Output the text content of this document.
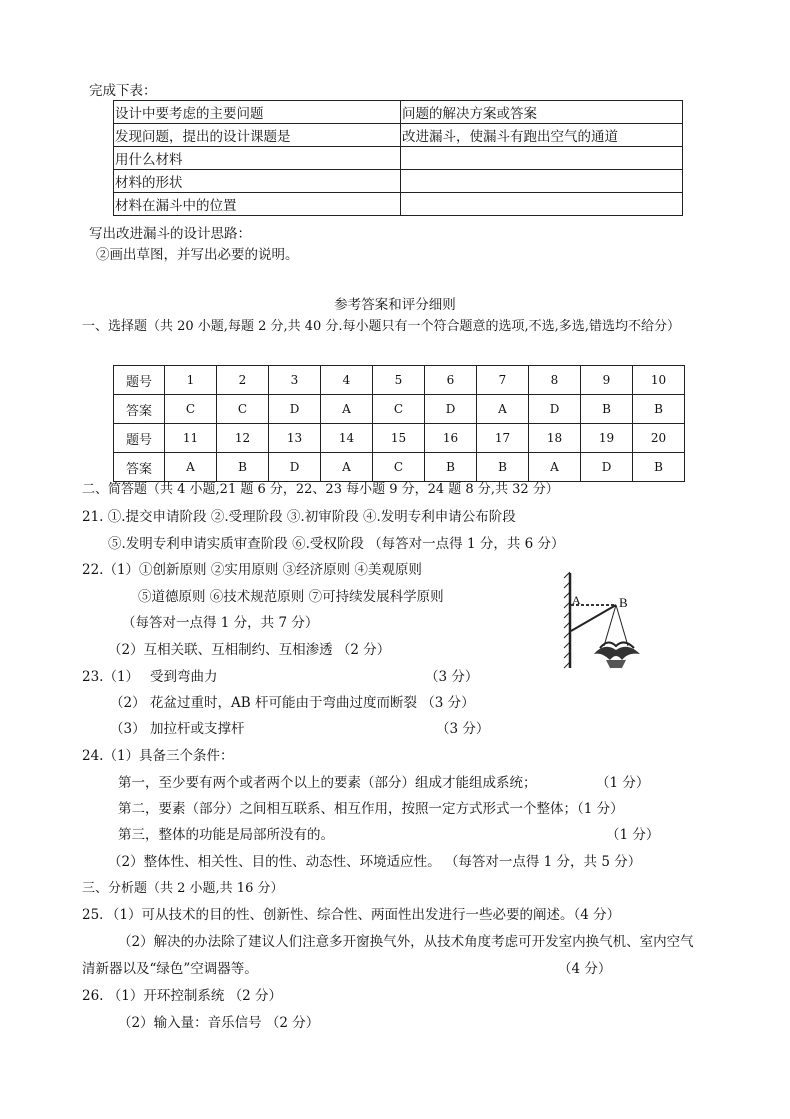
完成下表：
设计中要考虑的主要问题	问题的解决方案或答案
发现问题，提出的设计课题是	改进漏斗，使漏斗有跑出空气的通道
用什么材料	
材料的形状	
材料在漏斗中的位置	
写出改进漏斗的设计思路：
②画出草图，并写出必要的说明。
参考答案和评分细则
一、选择题（共 20 小题,每题 2 分,共 40 分.每小题只有一个符合题意的选项,不选,多选,错选均不给分）
题号	1	2	3	4	5	6	7	8	9	10
答案	C	C	D	A	C	D	A	D	B	B
题号	11	12	13	14	15	16	17	18	19	20
答案	A	B	D	A	C	B	B	A	D	B
二、简答题（共 4 小题,21 题 6 分，22、23 每小题 9 分，24 题 8 分,共 32 分）
21. ①.提交申请阶段 ②.受理阶段 ③.初审阶段 ④.发明专利申请公布阶段
⑤.发明专利申请实质审查阶段 ⑥.受权阶段 （每答对一点得 1 分，共 6 分）
22.（1）①创新原则 ②实用原则 ③经济原则 ④美观原则
⑤道德原则 ⑥技术规范原则 ⑦可持续发展科学原则
（每答对一点得 1 分，共 7 分）
（2）互相关联、互相制约、互相渗透 （2 分）
A	B
23.（1） 受到弯曲力	（3 分）
（2） 花盆过重时，AB 杆可能由于弯曲过度而断裂 （3 分）
（3） 加拉杆或支撑杆	（3 分）
24.（1）具备三个条件：
第一，至少要有两个或者两个以上的要素（部分）组成才能组成系统；	（1 分）
第二，要素（部分）之间相互联系、相互作用，按照一定方式形式一个整体；（1 分）
第三，整体的功能是局部所没有的。	（1 分）
（2）整体性、相关性、目的性、动态性、环境适应性。 （每答对一点得 1 分，共 5 分）
三、分析题（共 2 小题,共 16 分）
25．（1）可从技术的目的性、创新性、综合性、两面性出发进行一些必要的阐述。（4 分）
（2）解决的办法除了建议人们注意多开窗换气外，从技术角度考虑可开发室内换气机、室内空气
清新器以及“绿色”空调器等。	（4 分）
26. （1）开环控制系统 （2 分）
（2）输入量：音乐信号 （2 分）
